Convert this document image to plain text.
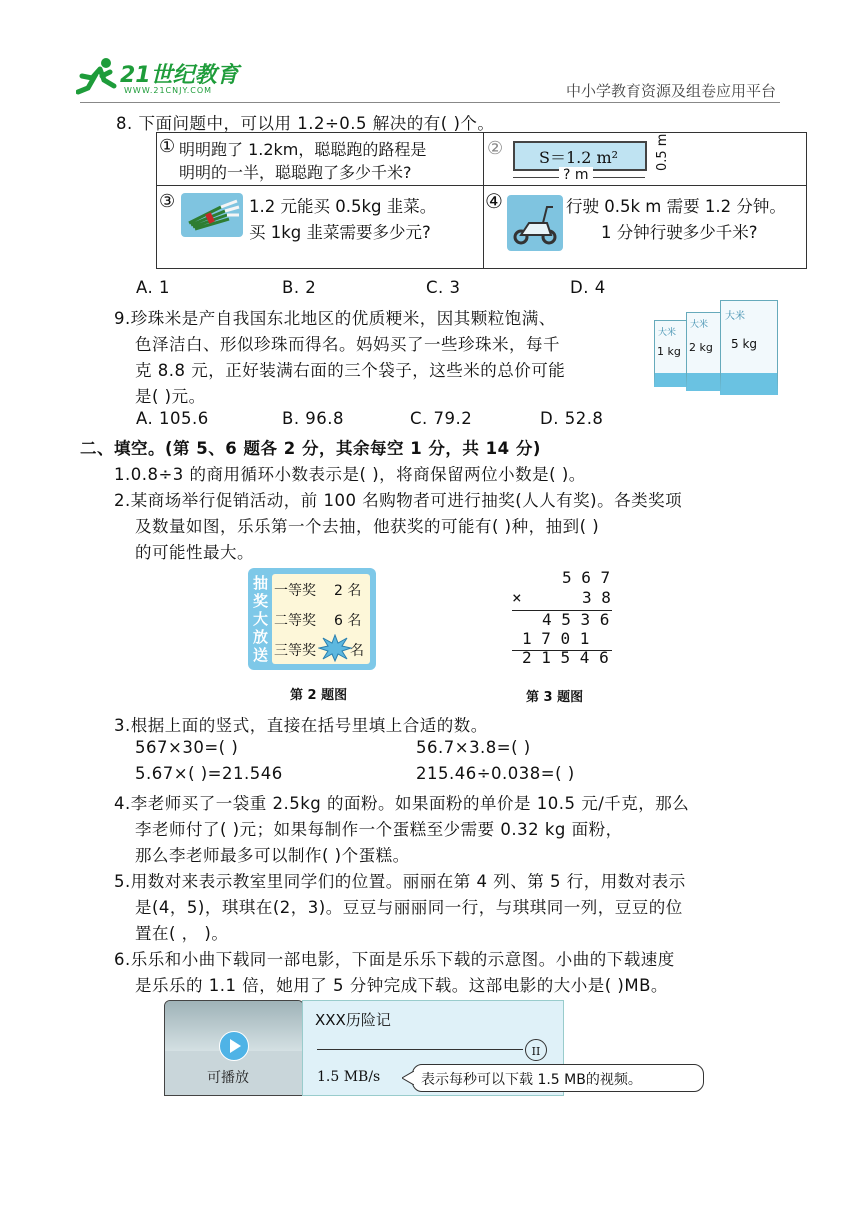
21世纪教育
WWW.21CNJY.COM	中小学教育资源及组卷应用平台
8. 下面问题中，可以用 1.2÷0.5 解决的有( )个。
① 明明跑了 1.2km，聪聪跑的路程是
明明的一半，聪聪跑了多少千米?
② S＝1.2 m²	0.5 m
? m
③	1.2 元能买 0.5kg 韭菜。
买 1kg 韭菜需要多少元?
④	行驶 0.5k m 需要 1.2 分钟。
1 分钟行驶多少千米?
A. 1	B. 2	C. 3	D. 4
9.珍珠米是产自我国东北地区的优质粳米，因其颗粒饱满、
色泽洁白、形似珍珠而得名。妈妈买了一些珍珠米，每千
克 8.8 元，正好装满右面的三个袋子，这些米的总价可能
是( )元。
大米
1 kg
大米
2 kg
大米
5 kg
A. 105.6	B. 96.8	C. 79.2	D. 52.8
二、填空。(第 5、6 题各 2 分，其余每空 1 分，共 14 分)
1.0.8÷3 的商用循环小数表示是( )，将商保留两位小数是( )。
2.某商场举行促销活动，前 100 名购物者可进行抽奖(人人有奖)。各类奖项
及数量如图，乐乐第一个去抽，他获奖的可能有( )种，抽到( )
的可能性最大。
抽
奖
大
放
送
一等奖 2 名
二等奖 6 名
三等奖 名
第 2 题图
5 6 7
×	3 8
4 5 3 6
1 7 0 1
2 1 5 4 6
第 3 题图
3.根据上面的竖式，直接在括号里填上合适的数。
567×30=( )	56.7×3.8=( )
5.67×( )=21.546	215.46÷0.038=( )
4.李老师买了一袋重 2.5kg 的面粉。如果面粉的单价是 10.5 元/千克，那么
李老师付了( )元；如果每制作一个蛋糕至少需要 0.32 kg 面粉，
那么李老师最多可以制作( )个蛋糕。
5.用数对来表示教室里同学们的位置。丽丽在第 4 列、第 5 行，用数对表示
是(4，5)，琪琪在(2，3)。豆豆与丽丽同一行，与琪琪同一列，豆豆的位
置在( ， )。
6.乐乐和小曲下载同一部电影，下面是乐乐下载的示意图。小曲的下载速度
是乐乐的 1.1 倍，她用了 5 分钟完成下载。这部电影的大小是( )MB。
可播放
XXX历险记
II
1.5 MB/s	表示每秒可以下载 1.5 MB的视频。
